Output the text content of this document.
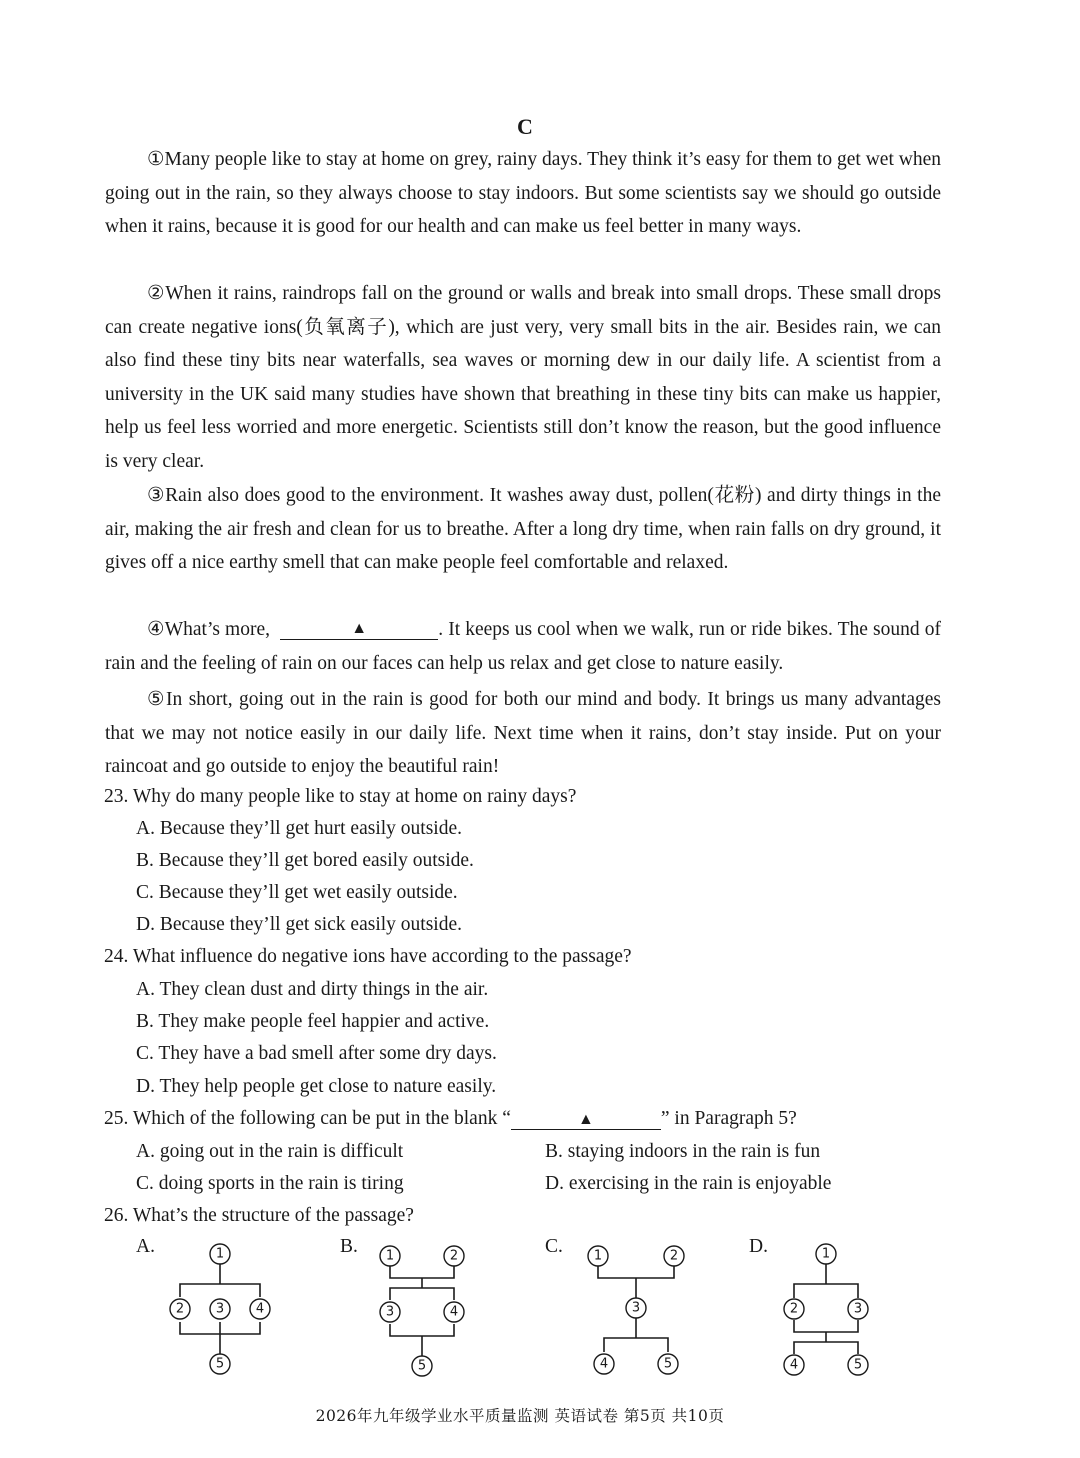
C
①Many people like to stay at home on grey, rainy days. They think it’s easy for them to get wet when going out in the rain, so they always choose to stay indoors. But some scientists say we should go outside when it rains, because it is good for our health and can make us feel better in many ways.
②When it rains, raindrops fall on the ground or walls and break into small drops. These small drops can create negative ions(负氧离子), which are just very, very small bits in the air. Besides rain, we can also find these tiny bits near waterfalls, sea waves or morning dew in our daily life. A scientist from a university in the UK said many studies have shown that breathing in these tiny bits can make us happier, help us feel less worried and more energetic. Scientists still don’t know the reason, but the good influence is very clear.
③Rain also does good to the environment. It washes away dust, pollen(花粉) and dirty things in the air, making the air fresh and clean for us to breathe. After a long dry time, when rain falls on dry ground, it gives off a nice earthy smell that can make people feel comfortable and relaxed.
④What’s more,	▲	. It keeps us cool when we walk, run or ride bikes. The sound of rain and the feeling of rain on our faces can help us relax and get close to nature easily.
⑤In short, going out in the rain is good for both our mind and body. It brings us many advantages that we may not notice easily in our daily life. Next time when it rains, don’t stay inside. Put on your raincoat and go outside to enjoy the beautiful rain!
23. Why do many people like to stay at home on rainy days?
A. Because they’ll get hurt easily outside.
B. Because they’ll get bored easily outside.
C. Because they’ll get wet easily outside.
D. Because they’ll get sick easily outside.
24. What influence do negative ions have according to the passage?
A. They clean dust and dirty things in the air.
B. They make people feel happier and active.
C. They have a bad smell after some dry days.
D. They help people get close to nature easily.
25. Which of the following can be put in the blank “	▲	” in Paragraph 5?
A. going out in the rain is difficult	B. staying indoors in the rain is fun
C. doing sports in the rain is tiring	D. exercising in the rain is enjoyable
26. What’s the structure of the passage?
A.	B.	C.	D.
1
2 3 4
5
1	2
3	4
5
1	2
3
4	5
1
2	3
4	5
2026年九年级学业水平质量监测 英语试卷 第5页 共10页
